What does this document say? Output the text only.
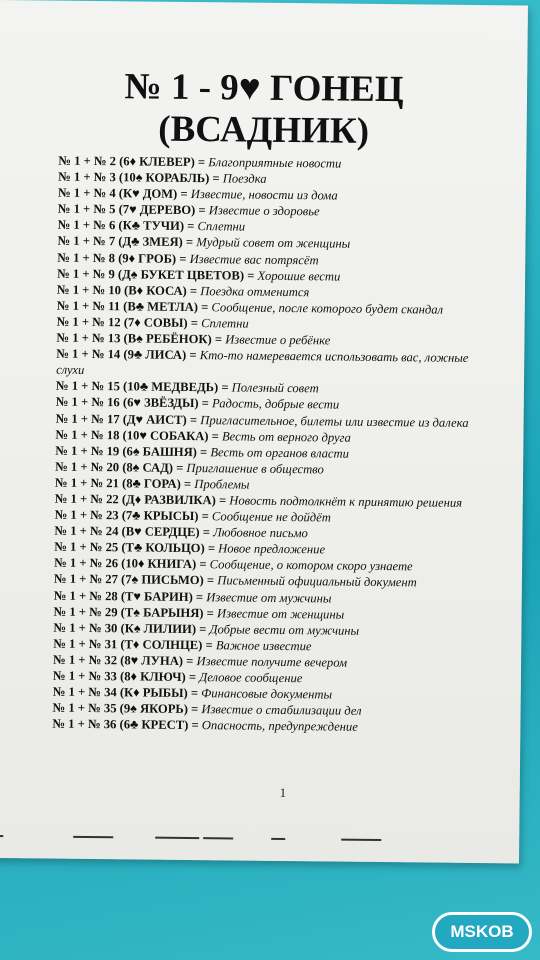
№ 1 - 9♥ ГОНЕЦ
(ВСАДНИК)
№ 1 + № 2 (6♦ КЛЕВЕР) = Благоприятные новости
№ 1 + № 3 (10♠ КОРАБЛЬ) = Поездка
№ 1 + № 4 (К♥ ДОМ) = Известие, новости из дома
№ 1 + № 5 (7♥ ДЕРЕВО) = Известие о здоровье
№ 1 + № 6 (К♣ ТУЧИ) = Сплетни
№ 1 + № 7 (Д♣ ЗМЕЯ) = Мудрый совет от женщины
№ 1 + № 8 (9♦ ГРОБ) = Известие вас потрясёт
№ 1 + № 9 (Д♠ БУКЕТ ЦВЕТОВ) = Хорошие вести
№ 1 + № 10 (В♦ КОСА) = Поездка отменится
№ 1 + № 11 (В♣ МЕТЛА) = Сообщение, после которого будет скандал
№ 1 + № 12 (7♦ СОВЫ) = Сплетни
№ 1 + № 13 (В♠ РЕБЁНОК) = Известие о ребёнке
№ 1 + № 14 (9♣ ЛИСА) = Кто-то намеревается использовать вас, ложные слухи
№ 1 + № 15 (10♣ МЕДВЕДЬ) = Полезный совет
№ 1 + № 16 (6♥ ЗВЁЗДЫ) = Радость, добрые вести
№ 1 + № 17 (Д♥ АИСТ) = Пригласительное, билеты или известие из далека
№ 1 + № 18 (10♥ СОБАКА) = Весть от верного друга
№ 1 + № 19 (6♠ БАШНЯ) = Весть от органов власти
№ 1 + № 20 (8♠ САД) = Приглашение в общество
№ 1 + № 21 (8♣ ГОРА) = Проблемы
№ 1 + № 22 (Д♦ РАЗВИЛКА) = Новость подтолкнёт к принятию решения
№ 1 + № 23 (7♣ КРЫСЫ) = Сообщение не дойдёт
№ 1 + № 24 (В♥ СЕРДЦЕ) = Любовное письмо
№ 1 + № 25 (Т♣ КОЛЬЦО) = Новое предложение
№ 1 + № 26 (10♦ КНИГА) = Сообщение, о котором скоро узнаете
№ 1 + № 27 (7♠ ПИСЬМО) = Письменный официальный документ
№ 1 + № 28 (Т♥ БАРИН) = Известие от мужчины
№ 1 + № 29 (Т♠ БАРЫНЯ) = Известие от женщины
№ 1 + № 30 (К♠ ЛИЛИИ) = Добрые вести от мужчины
№ 1 + № 31 (Т♦ СОЛНЦЕ) = Важное известие
№ 1 + № 32 (8♥ ЛУНА) = Известие получите вечером
№ 1 + № 33 (8♦ КЛЮЧ) = Деловое сообщение
№ 1 + № 34 (К♦ РЫБЫ) = Финансовые документы
№ 1 + № 35 (9♠ ЯКОРЬ) = Известие о стабилизации дел
№ 1 + № 36 (6♣ КРЕСТ) = Опасность, предупреждение
1
MSKOB
